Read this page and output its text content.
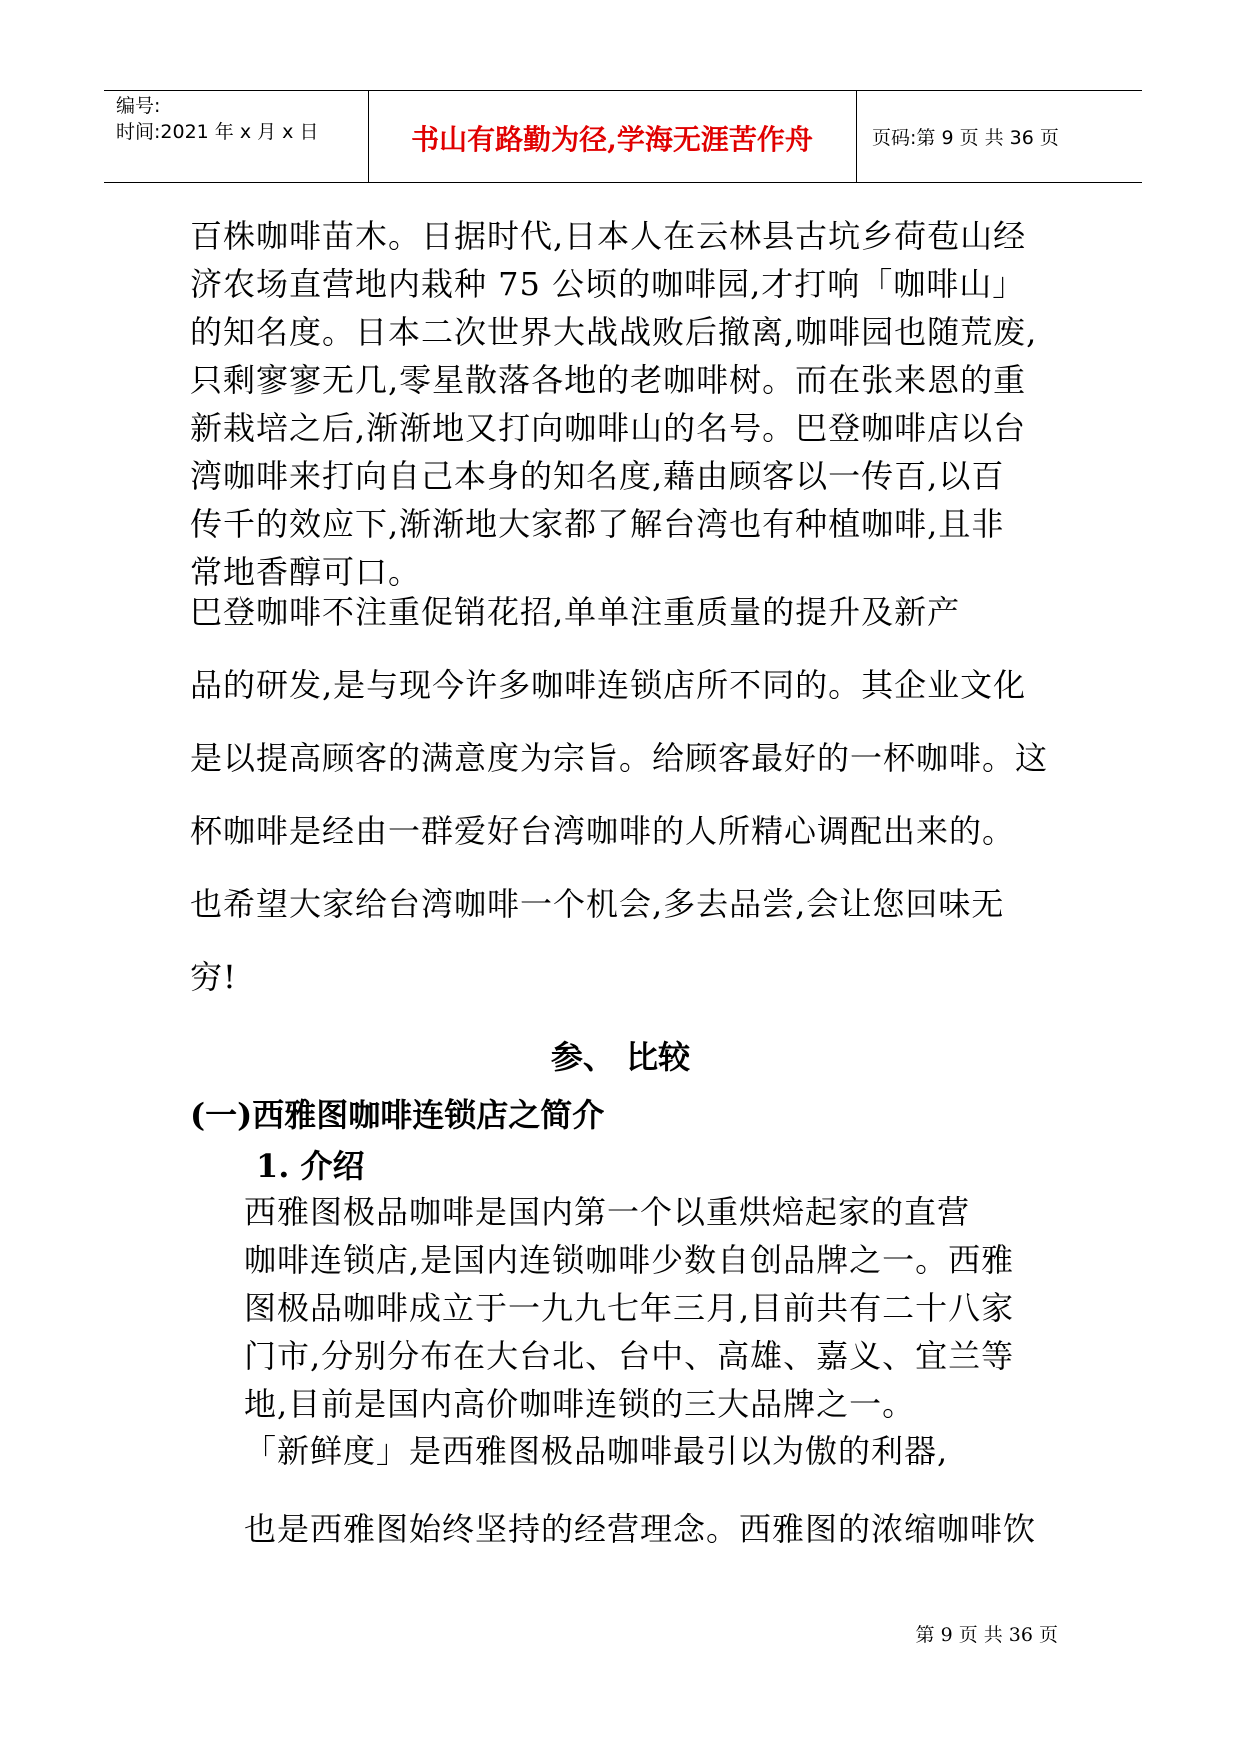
编号:
时间:2021 年 x 月 x 日	书山有路勤为径,学海无涯苦作舟	页码:第 9 页 共 36 页

百株咖啡苗木。日据时代,日本人在云林县古坑乡荷苞山经
济农场直营地内栽种 75 公顷的咖啡园,才打响「咖啡山」
的知名度。日本二次世界大战战败后撤离,咖啡园也随荒废,
只剩寥寥无几,零星散落各地的老咖啡树。而在张来恩的重
新栽培之后,渐渐地又打向咖啡山的名号。巴登咖啡店以台
湾咖啡来打向自己本身的知名度,藉由顾客以一传百,以百
传千的效应下,渐渐地大家都了解台湾也有种植咖啡,且非
常地香醇可口。

巴登咖啡不注重促销花招,单单注重质量的提升及新产
品的研发,是与现今许多咖啡连锁店所不同的。其企业文化
是以提高顾客的满意度为宗旨。给顾客最好的一杯咖啡。这
杯咖啡是经由一群爱好台湾咖啡的人所精心调配出来的。
也希望大家给台湾咖啡一个机会,多去品尝,会让您回味无
穷!

参、 比较
(一)西雅图咖啡连锁店之简介
1. 介绍

西雅图极品咖啡是国内第一个以重烘焙起家的直营
咖啡连锁店,是国内连锁咖啡少数自创品牌之一。西雅
图极品咖啡成立于一九九七年三月,目前共有二十八家
门市,分别分布在大台北、台中、高雄、嘉义、宜兰等
地,目前是国内高价咖啡连锁的三大品牌之一。

「新鲜度」是西雅图极品咖啡最引以为傲的利器,
也是西雅图始终坚持的经营理念。西雅图的浓缩咖啡饮

第 9 页 共 36 页
